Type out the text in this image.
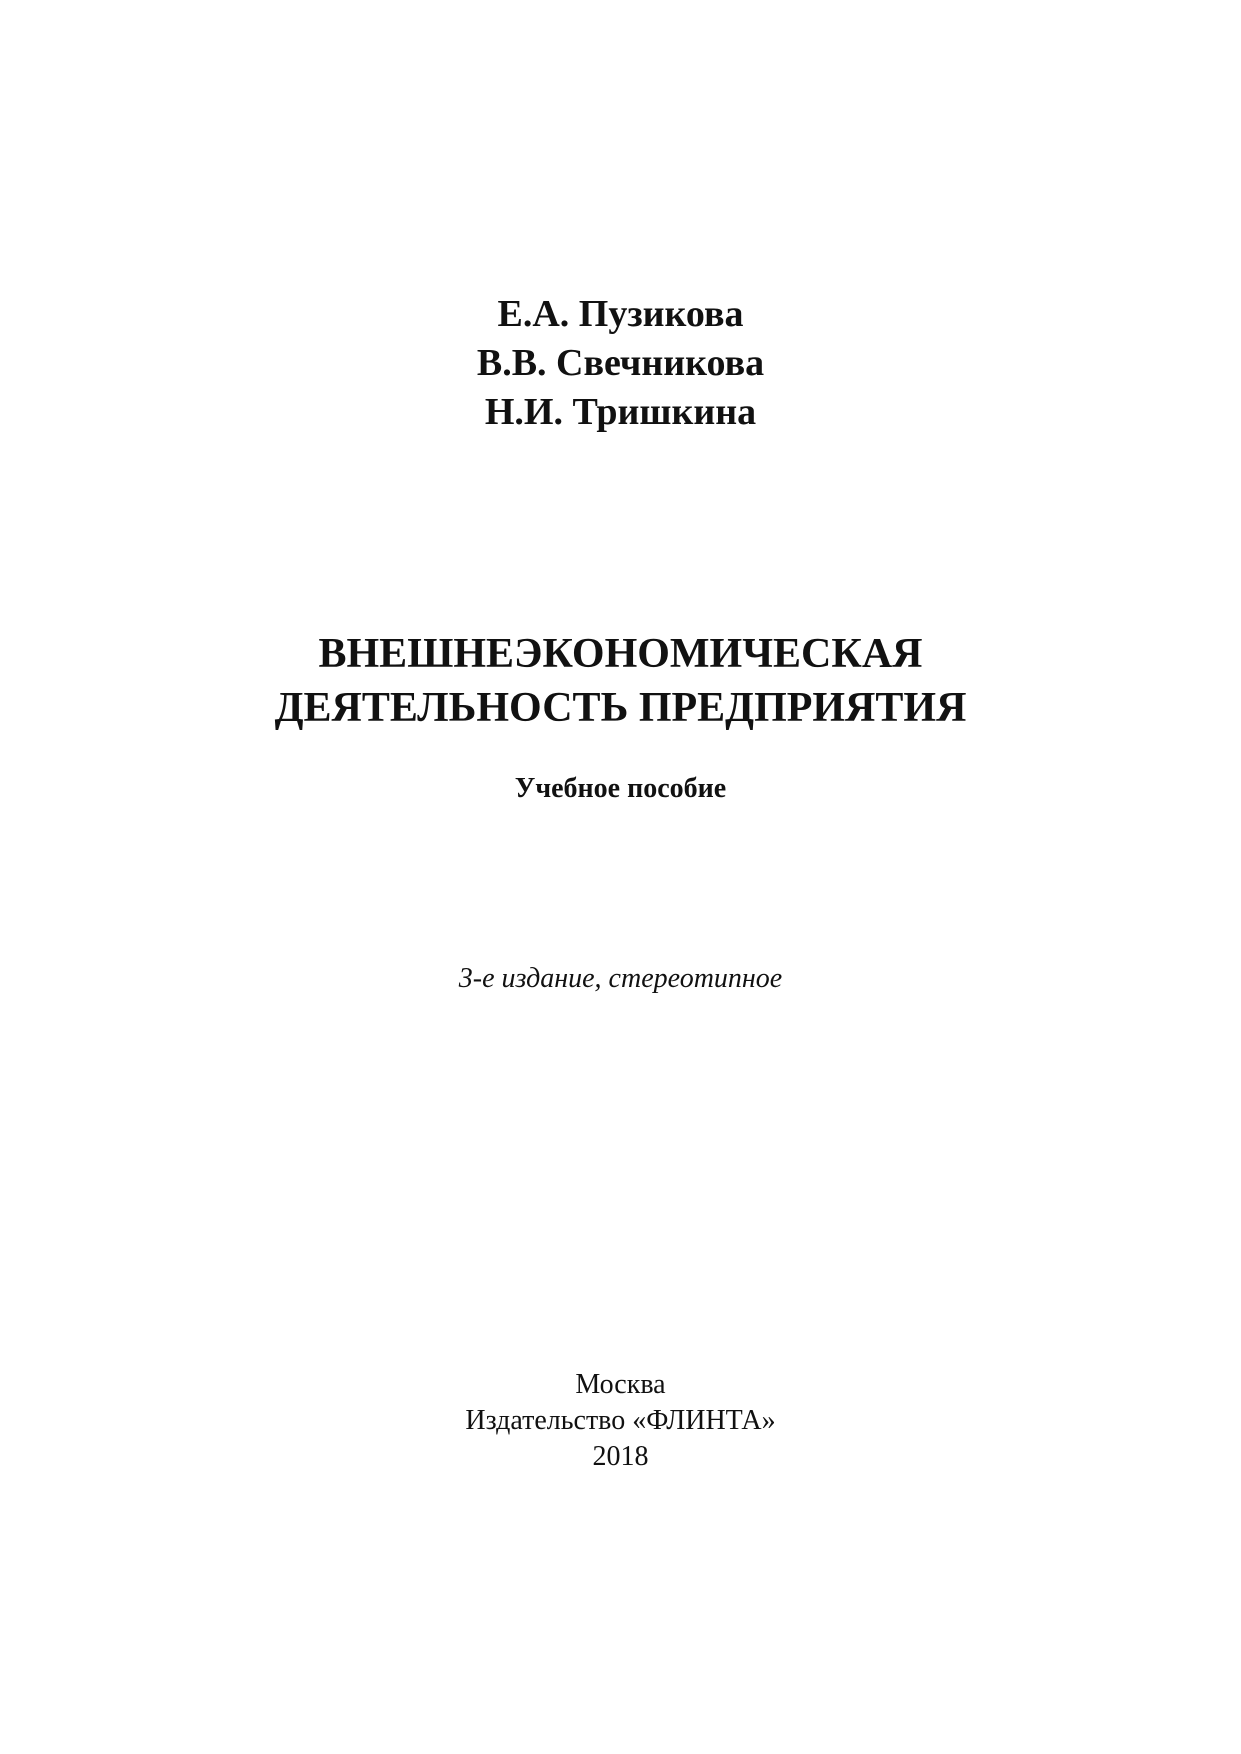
Е.А. Пузикова
В.В. Свечникова
Н.И. Тришкина
ВНЕШНЕЭКОНОМИЧЕСКАЯ
ДЕЯТЕЛЬНОСТЬ ПРЕДПРИЯТИЯ
Учебное пособие
3-е издание, стереотипное
Москва
Издательство «ФЛИНТА»
2018
